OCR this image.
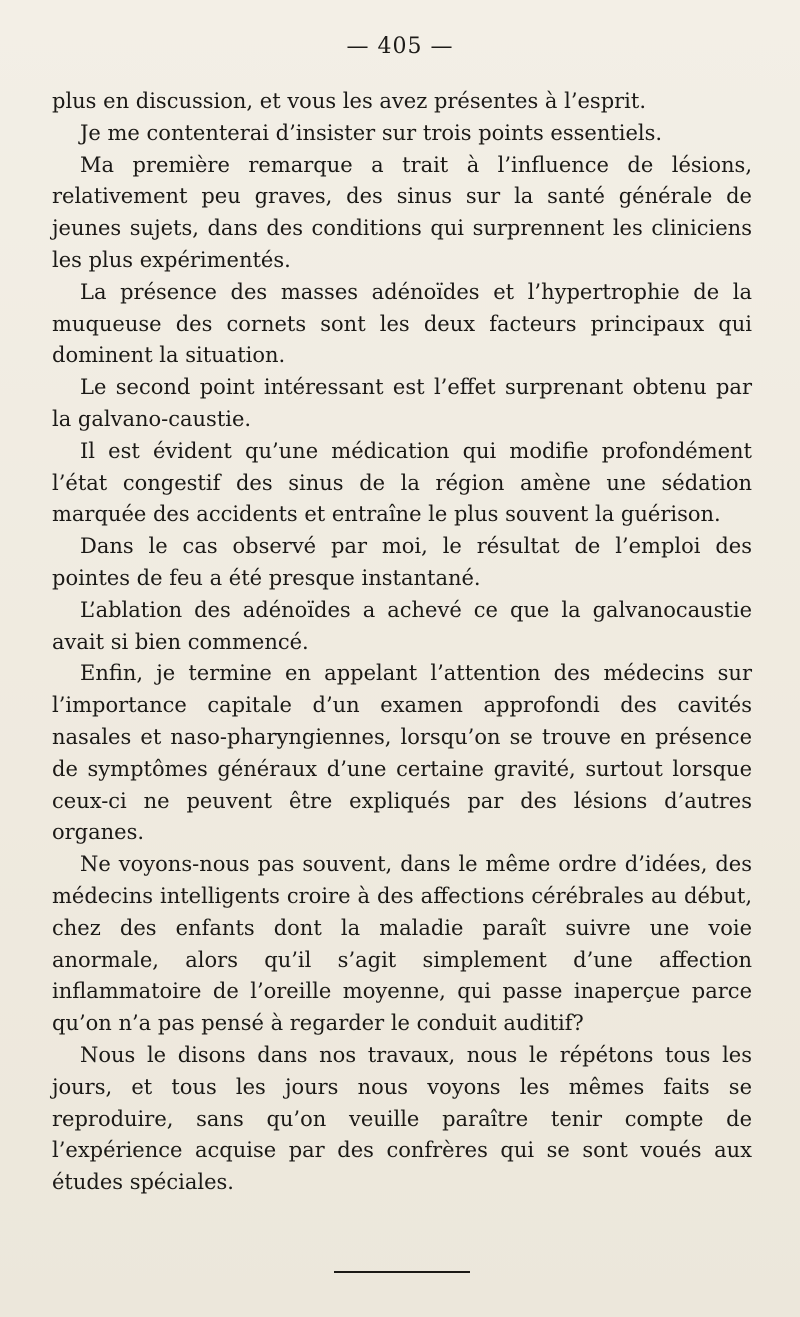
— 405 —

plus en discussion, et vous les avez présentes à l’esprit.

Je me contenterai d’insister sur trois points essentiels.

Ma première remarque a trait à l’influence de lésions, relativement peu graves, des sinus sur la santé générale de jeunes sujets, dans des conditions qui surprennent les cliniciens les plus expérimentés.

La présence des masses adénoïdes et l’hypertrophie de la muqueuse des cornets sont les deux facteurs principaux qui dominent la situation.

Le second point intéressant est l’effet surprenant obtenu par la galvano-caustie.

Il est évident qu’une médication qui modifie profondément l’état congestif des sinus de la région amène une sédation marquée des accidents et entraîne le plus souvent la guérison.

Dans le cas observé par moi, le résultat de l’emploi des pointes de feu a été presque instantané.

L’ablation des adénoïdes a achevé ce que la galvanocaustie avait si bien commencé.

Enfin, je termine en appelant l’attention des médecins sur l’importance capitale d’un examen approfondi des cavités nasales et naso-pharyngiennes, lorsqu’on se trouve en présence de symptômes généraux d’une certaine gravité, surtout lorsque ceux-ci ne peuvent être expliqués par des lésions d’autres organes.

Ne voyons-nous pas souvent, dans le même ordre d’idées, des médecins intelligents croire à des affections cérébrales au début, chez des enfants dont la maladie paraît suivre une voie anormale, alors qu’il s’agit simplement d’une affection inflammatoire de l’oreille moyenne, qui passe inaperçue parce qu’on n’a pas pensé à regarder le conduit auditif?

Nous le disons dans nos travaux, nous le répétons tous les jours, et tous les jours nous voyons les mêmes faits se reproduire, sans qu’on veuille paraître tenir compte de l’expérience acquise par des confrères qui se sont voués aux études spéciales.
